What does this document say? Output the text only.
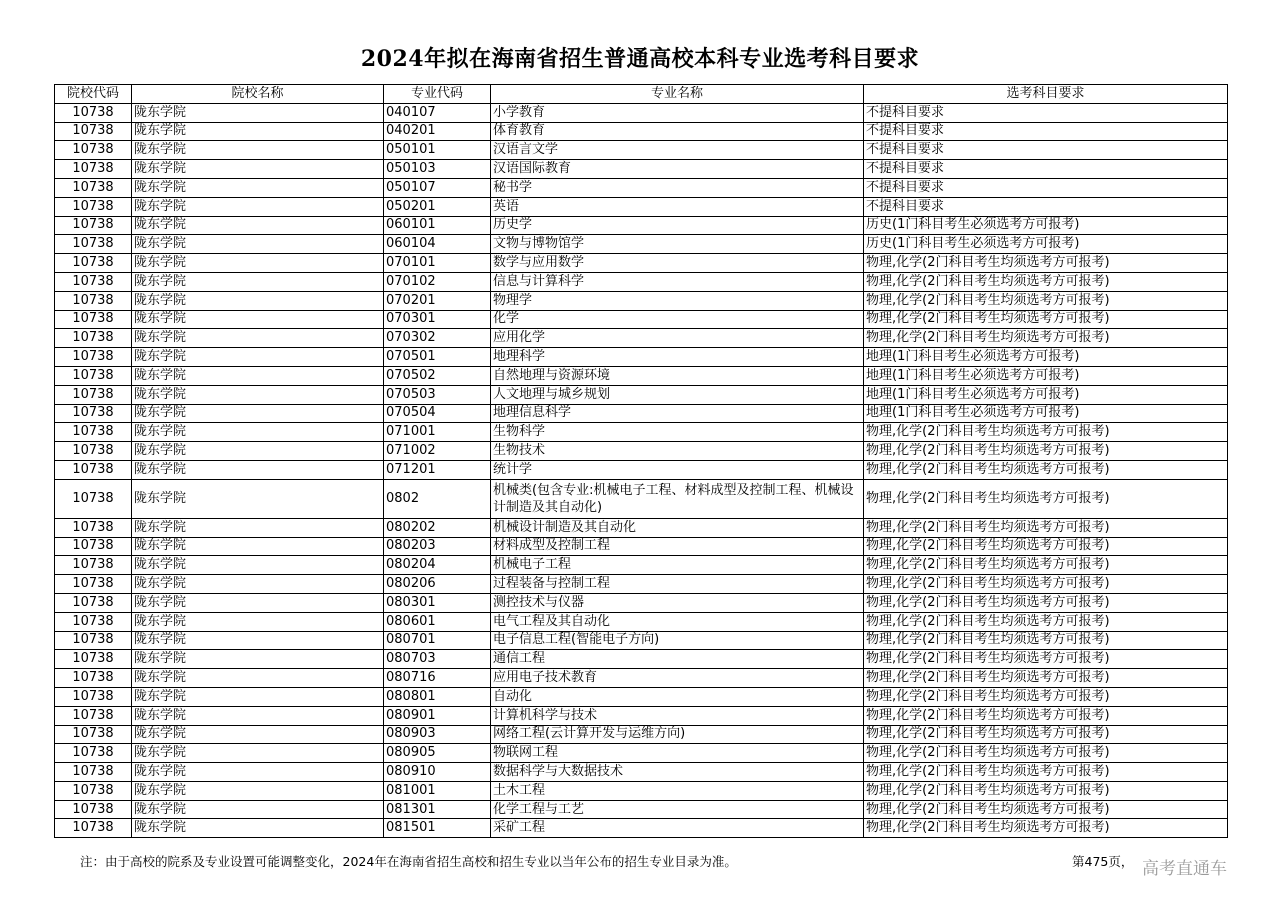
2024年拟在海南省招生普通高校本科专业选考科目要求
院校代码	院校名称	专业代码	专业名称	选考科目要求
10738	陇东学院	040107	小学教育	不提科目要求
10738	陇东学院	040201	体育教育	不提科目要求
10738	陇东学院	050101	汉语言文学	不提科目要求
10738	陇东学院	050103	汉语国际教育	不提科目要求
10738	陇东学院	050107	秘书学	不提科目要求
10738	陇东学院	050201	英语	不提科目要求
10738	陇东学院	060101	历史学	历史(1门科目考生必须选考方可报考)
10738	陇东学院	060104	文物与博物馆学	历史(1门科目考生必须选考方可报考)
10738	陇东学院	070101	数学与应用数学	物理,化学(2门科目考生均须选考方可报考)
10738	陇东学院	070102	信息与计算科学	物理,化学(2门科目考生均须选考方可报考)
10738	陇东学院	070201	物理学	物理,化学(2门科目考生均须选考方可报考)
10738	陇东学院	070301	化学	物理,化学(2门科目考生均须选考方可报考)
10738	陇东学院	070302	应用化学	物理,化学(2门科目考生均须选考方可报考)
10738	陇东学院	070501	地理科学	地理(1门科目考生必须选考方可报考)
10738	陇东学院	070502	自然地理与资源环境	地理(1门科目考生必须选考方可报考)
10738	陇东学院	070503	人文地理与城乡规划	地理(1门科目考生必须选考方可报考)
10738	陇东学院	070504	地理信息科学	地理(1门科目考生必须选考方可报考)
10738	陇东学院	071001	生物科学	物理,化学(2门科目考生均须选考方可报考)
10738	陇东学院	071002	生物技术	物理,化学(2门科目考生均须选考方可报考)
10738	陇东学院	071201	统计学	物理,化学(2门科目考生均须选考方可报考)
10738	陇东学院	0802	机械类(包含专业:机械电子工程、材料成型及控制工程、机械设计制造及其自动化)	物理,化学(2门科目考生均须选考方可报考)
10738	陇东学院	080202	机械设计制造及其自动化	物理,化学(2门科目考生均须选考方可报考)
10738	陇东学院	080203	材料成型及控制工程	物理,化学(2门科目考生均须选考方可报考)
10738	陇东学院	080204	机械电子工程	物理,化学(2门科目考生均须选考方可报考)
10738	陇东学院	080206	过程装备与控制工程	物理,化学(2门科目考生均须选考方可报考)
10738	陇东学院	080301	测控技术与仪器	物理,化学(2门科目考生均须选考方可报考)
10738	陇东学院	080601	电气工程及其自动化	物理,化学(2门科目考生均须选考方可报考)
10738	陇东学院	080701	电子信息工程(智能电子方向)	物理,化学(2门科目考生均须选考方可报考)
10738	陇东学院	080703	通信工程	物理,化学(2门科目考生均须选考方可报考)
10738	陇东学院	080716	应用电子技术教育	物理,化学(2门科目考生均须选考方可报考)
10738	陇东学院	080801	自动化	物理,化学(2门科目考生均须选考方可报考)
10738	陇东学院	080901	计算机科学与技术	物理,化学(2门科目考生均须选考方可报考)
10738	陇东学院	080903	网络工程(云计算开发与运维方向)	物理,化学(2门科目考生均须选考方可报考)
10738	陇东学院	080905	物联网工程	物理,化学(2门科目考生均须选考方可报考)
10738	陇东学院	080910	数据科学与大数据技术	物理,化学(2门科目考生均须选考方可报考)
10738	陇东学院	081001	土木工程	物理,化学(2门科目考生均须选考方可报考)
10738	陇东学院	081301	化学工程与工艺	物理,化学(2门科目考生均须选考方可报考)
10738	陇东学院	081501	采矿工程	物理,化学(2门科目考生均须选考方可报考)
注：由于高校的院系及专业设置可能调整变化，2024年在海南省招生高校和招生专业以当年公布的招生专业目录为准。	第475页， 高考直通车
